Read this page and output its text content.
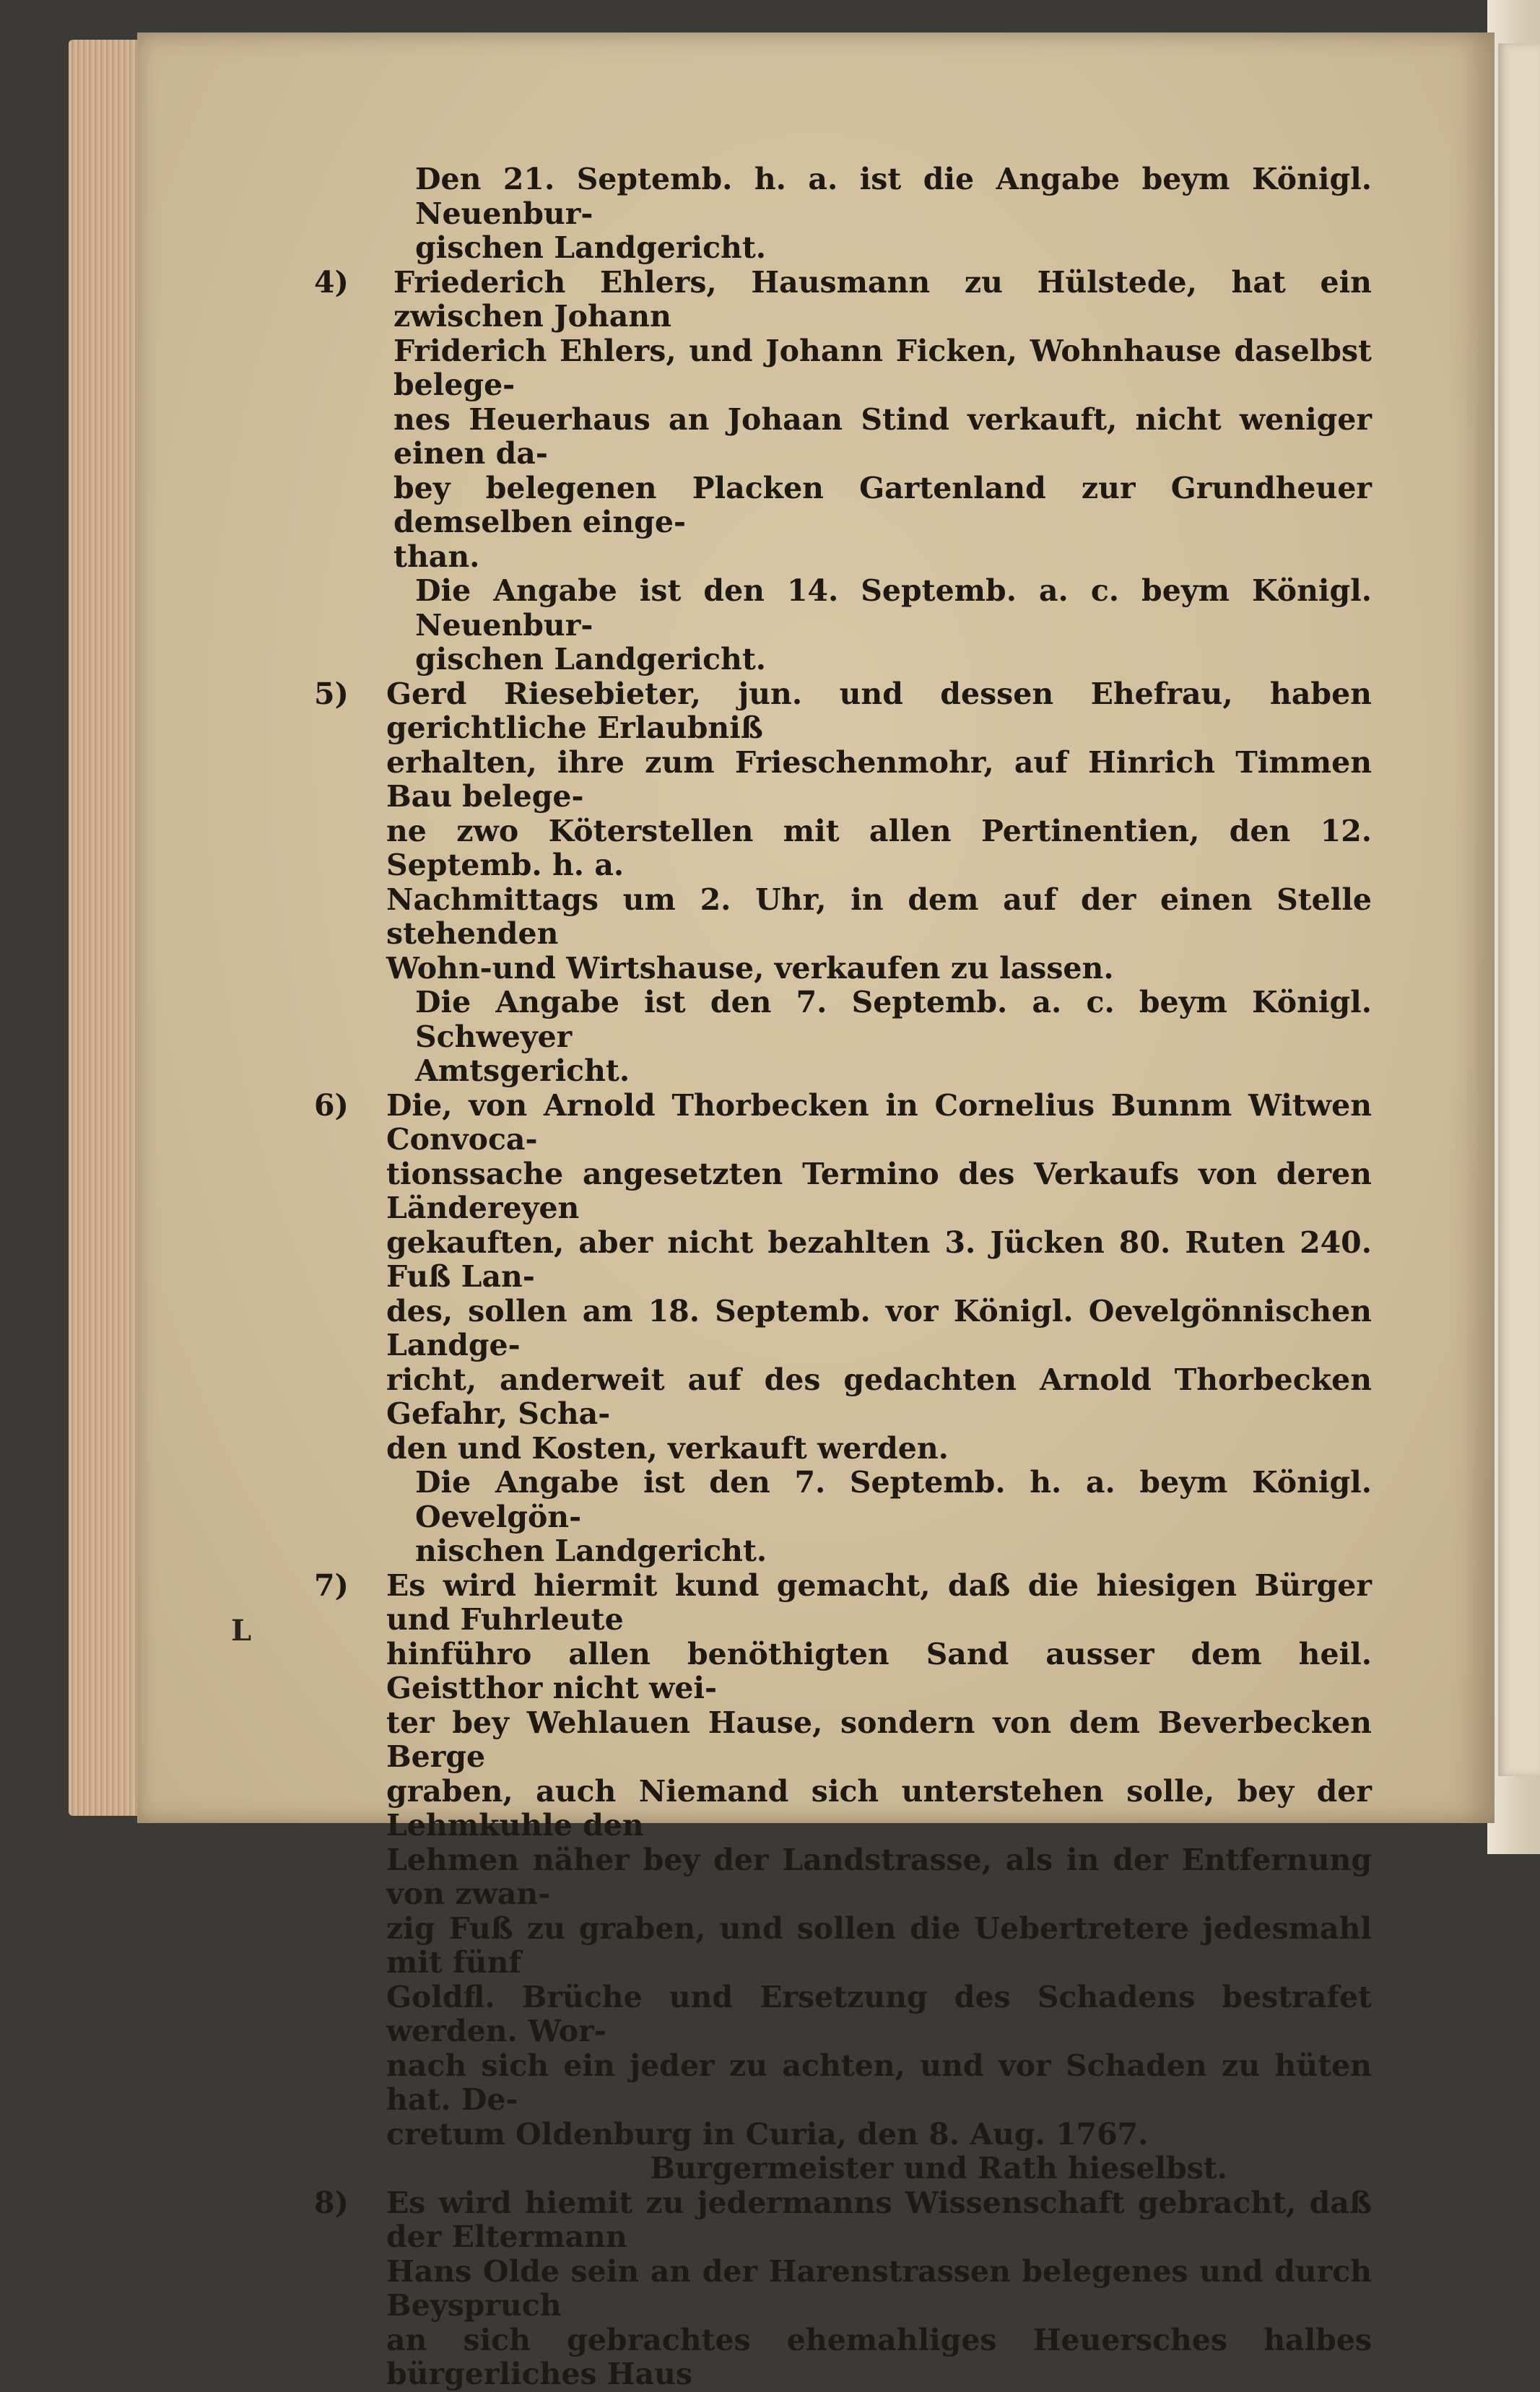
L
Den 21. Septemb. h. a. ist die Angabe beym Königl. Neuenbur-
gischen Landgericht.
4)	Friederich Ehlers, Hausmann zu Hülstede, hat ein zwischen Johann
Friderich Ehlers, und Johann Ficken, Wohnhause daselbst belege-
nes Heuerhaus an Johaan Stind verkauft, nicht weniger einen da-
bey belegenen Placken Gartenland zur Grundheuer demselben einge-
than.
Die Angabe ist den 14. Septemb. a. c. beym Königl. Neuenbur-
gischen Landgericht.
5)	Gerd Riesebieter, jun. und dessen Ehefrau, haben gerichtliche Erlaubniß
erhalten, ihre zum Frieschenmohr, auf Hinrich Timmen Bau belege-
ne zwo Köterstellen mit allen Pertinentien, den 12. Septemb. h. a.
Nachmittags um 2. Uhr, in dem auf der einen Stelle stehenden
Wohn-und Wirtshause, verkaufen zu lassen.
Die Angabe ist den 7. Septemb. a. c. beym Königl. Schweyer
Amtsgericht.
6)	Die, von Arnold Thorbecken in Cornelius Bunnm Witwen Convoca-
tionssache angesetzten Termino des Verkaufs von deren Ländereyen
gekauften, aber nicht bezahlten 3. Jücken 80. Ruten 240. Fuß Lan-
des, sollen am 18. Septemb. vor Königl. Oevelgönnischen Landge-
richt, anderweit auf des gedachten Arnold Thorbecken Gefahr, Scha-
den und Kosten, verkauft werden.
Die Angabe ist den 7. Septemb. h. a. beym Königl. Oevelgön-
nischen Landgericht.
7)	Es wird hiermit kund gemacht, daß die hiesigen Bürger und Fuhrleute
hinführo allen benöthigten Sand ausser dem heil. Geistthor nicht wei-
ter bey Wehlauen Hause, sondern von dem Beverbecken Berge
graben, auch Niemand sich unterstehen solle, bey der Lehmkuhle den
Lehmen näher bey der Landstrasse, als in der Entfernung von zwan-
zig Fuß zu graben, und sollen die Uebertretere jedesmahl mit fünf
Goldfl. Brüche und Ersetzung des Schadens bestrafet werden. Wor-
nach sich ein jeder zu achten, und vor Schaden zu hüten hat. De-
cretum Oldenburg in Curia, den 8. Aug. 1767.
Burgermeister und Rath hieselbst.
8)	Es wird hiemit zu jedermanns Wissenschaft gebracht, daß der Eltermann
Hans Olde sein an der Harenstrassen belegenes und durch Beyspruch
an sich gebrachtes ehemahliges Heuersches halbes bürgerliches Haus
